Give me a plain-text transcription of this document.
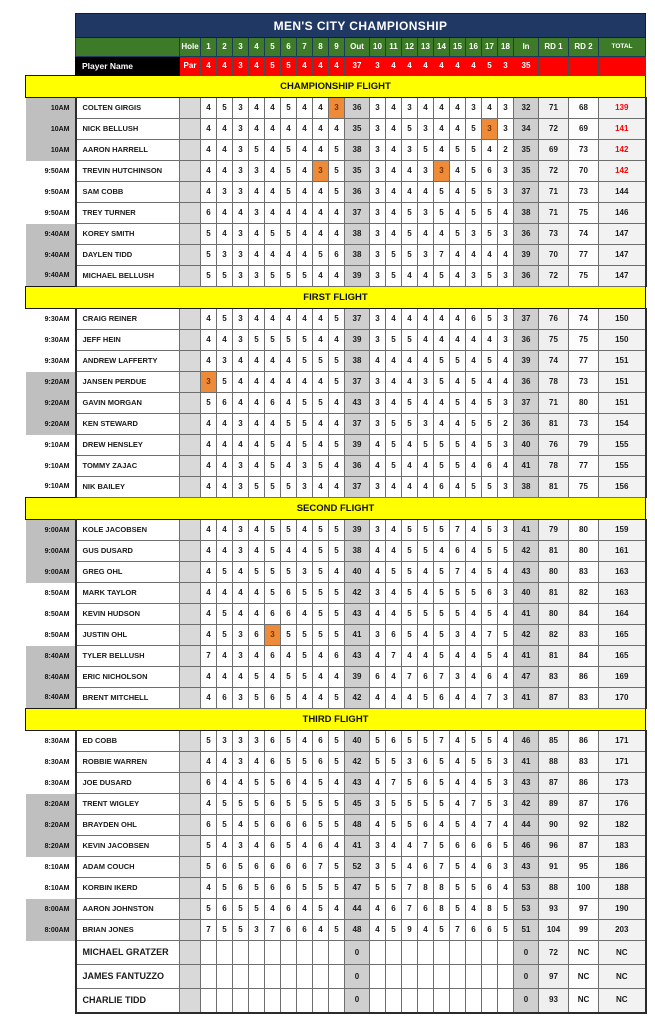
	MEN'S CITY CHAMPIONSHIP																								
		Hole	1	2	3	4	5	6	7	8	9	Out	10	11	12	13	14	15	16	17	18	In	RD 1	RD 2	TOTAL
	Player Name	Par	4	4	3	4	5	5	4	4	4	37	3	4	4	4	4	4	4	5	3	35			
CHAMPIONSHIP FLIGHT																									
10AM	COLTEN GIRGIS		4	5	3	4	4	5	4	4	3	36	3	4	3	4	4	4	3	4	3	32	71	68	139
10AM	NICK BELLUSH		4	4	3	4	4	4	4	4	4	35	3	4	5	3	4	4	5	3	3	34	72	69	141
10AM	AARON HARRELL		4	4	3	5	4	5	4	4	5	38	3	4	3	5	4	5	5	4	2	35	69	73	142
9:50AM	TREVIN HUTCHINSON		4	4	3	3	4	5	4	3	5	35	3	4	4	3	3	4	5	6	3	35	72	70	142
9:50AM	SAM COBB		4	3	3	4	4	5	4	4	5	36	3	4	4	4	5	4	5	5	3	37	71	73	144
9:50AM	TREY TURNER		6	4	4	3	4	4	4	4	4	37	3	4	5	3	5	4	5	5	4	38	71	75	146
9:40AM	KOREY SMITH		5	4	3	4	5	5	4	4	4	38	3	4	5	4	4	5	3	5	3	36	73	74	147
9:40AM	DAYLEN TIDD		5	3	3	4	4	4	4	5	6	38	3	5	5	3	7	4	4	4	4	39	70	77	147
9:40AM	MICHAEL BELLUSH		5	5	3	3	5	5	5	4	4	39	3	5	4	4	5	4	3	5	3	36	72	75	147
FIRST FLIGHT																									
9:30AM	CRAIG REINER		4	5	3	4	4	4	4	4	5	37	3	4	4	4	4	4	6	5	3	37	76	74	150
9:30AM	JEFF HEIN		4	4	3	5	5	5	5	4	4	39	3	5	5	4	4	4	4	4	3	36	75	75	150
9:30AM	ANDREW LAFFERTY		4	3	4	4	4	4	5	5	5	38	4	4	4	4	5	5	4	5	4	39	74	77	151
9:20AM	JANSEN PERDUE		3	5	4	4	4	4	4	4	5	37	3	4	4	3	5	4	5	4	4	36	78	73	151
9:20AM	GAVIN MORGAN		5	6	4	4	6	4	5	5	4	43	3	4	5	4	4	5	4	5	3	37	71	80	151
9:20AM	KEN STEWARD		4	4	3	4	4	5	5	4	4	37	3	5	5	3	4	4	5	5	2	36	81	73	154
9:10AM	DREW HENSLEY		4	4	4	4	5	4	5	4	5	39	4	5	4	5	5	5	4	5	3	40	76	79	155
9:10AM	TOMMY ZAJAC		4	4	3	4	5	4	3	5	4	36	4	5	4	4	5	5	4	6	4	41	78	77	155
9:10AM	NIK BAILEY		4	4	3	5	5	5	3	4	4	37	3	4	4	4	6	4	5	5	3	38	81	75	156
SECOND FLIGHT																									
9:00AM	KOLE JACOBSEN		4	4	3	4	5	5	4	5	5	39	3	4	5	5	5	7	4	5	3	41	79	80	159
9:00AM	GUS DUSARD		4	4	3	4	5	4	4	5	5	38	4	4	5	5	4	6	4	5	5	42	81	80	161
9:00AM	GREG OHL		4	5	4	5	5	5	3	5	4	40	4	5	5	4	5	7	4	5	4	43	80	83	163
8:50AM	MARK TAYLOR		4	4	4	4	5	6	5	5	5	42	3	4	5	4	5	5	5	6	3	40	81	82	163
8:50AM	KEVIN HUDSON		4	5	4	4	6	6	4	5	5	43	4	4	5	5	5	5	4	5	4	41	80	84	164
8:50AM	JUSTIN OHL		4	5	3	6	3	5	5	5	5	41	3	6	5	4	5	3	4	7	5	42	82	83	165
8:40AM	TYLER BELLUSH		7	4	3	4	6	4	5	4	6	43	4	7	4	4	5	4	4	5	4	41	81	84	165
8:40AM	ERIC NICHOLSON		4	4	4	5	4	5	5	4	4	39	6	4	7	6	7	3	4	6	4	47	83	86	169
8:40AM	BRENT MITCHELL		4	6	3	5	6	5	4	4	5	42	4	4	4	5	6	4	4	7	3	41	87	83	170
THIRD FLIGHT																									
8:30AM	ED COBB		5	3	3	3	6	5	4	6	5	40	5	6	5	5	7	4	5	5	4	46	85	86	171
8:30AM	ROBBIE WARREN		4	4	3	4	6	5	5	6	5	42	5	5	3	6	5	4	5	5	3	41	88	83	171
8:30AM	JOE DUSARD		6	4	4	5	5	6	4	5	4	43	4	7	5	6	5	4	4	5	3	43	87	86	173
8:20AM	TRENT WIGLEY		4	5	5	5	6	5	5	5	5	45	3	5	5	5	5	4	7	5	3	42	89	87	176
8:20AM	BRAYDEN OHL		6	5	4	5	6	6	6	5	5	48	4	5	5	6	4	5	4	7	4	44	90	92	182
8:20AM	KEVIN JACOBSEN		5	4	3	4	6	5	4	6	4	41	3	4	4	7	5	6	6	6	5	46	96	87	183
8:10AM	ADAM COUCH		5	6	5	6	6	6	6	7	5	52	3	5	4	6	7	5	4	6	3	43	91	95	186
8:10AM	KORBIN IKERD		4	5	6	5	6	6	5	5	5	47	5	5	7	8	8	5	5	6	4	53	88	100	188
8:00AM	AARON JOHNSTON		5	6	5	5	4	6	4	5	4	44	4	6	7	6	8	5	4	8	5	53	93	97	190
8:00AM	BRIAN JONES		7	5	5	3	7	6	6	4	5	48	4	5	9	4	5	7	6	6	5	51	104	99	203
	MICHAEL GRATZER											0										0	72	NC	NC
	JAMES FANTUZZO											0										0	97	NC	NC
	CHARLIE TIDD											0										0	93	NC	NC
